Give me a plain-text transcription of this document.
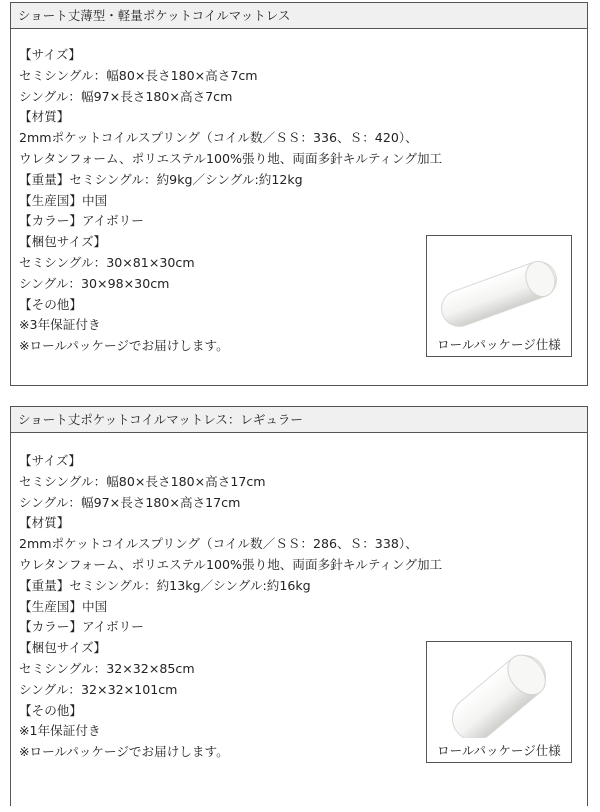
ショート丈薄型・軽量ポケットコイルマットレス
【サイズ】
セミシングル：幅80×長さ180×高さ7cm
シングル：幅97×長さ180×高さ7cm
【材質】
2mmポケットコイルスプリング（コイル数／ＳＳ：336、Ｓ：420）、
ウレタンフォーム、ポリエステル100%張り地、両面多針キルティング加工
【重量】セミシングル：約9kg／シングル:約12kg
【生産国】中国
【カラー】アイボリー
【梱包サイズ】
セミシングル：30×81×30cm
シングル：30×98×30cm
【その他】
※3年保証付き
※ロールパッケージでお届けします。	ロールパッケージ仕様
ショート丈ポケットコイルマットレス：レギュラー
【サイズ】
セミシングル：幅80×長さ180×高さ17cm
シングル：幅97×長さ180×高さ17cm
【材質】
2mmポケットコイルスプリング（コイル数／ＳＳ：286、Ｓ：338）、
ウレタンフォーム、ポリエステル100%張り地、両面多針キルティング加工
【重量】セミシングル：約13kg／シングル:約16kg
【生産国】中国
【カラー】アイボリー
【梱包サイズ】
セミシングル：32×32×85cm
シングル：32×32×101cm
【その他】
※1年保証付き
※ロールパッケージでお届けします。	ロールパッケージ仕様
